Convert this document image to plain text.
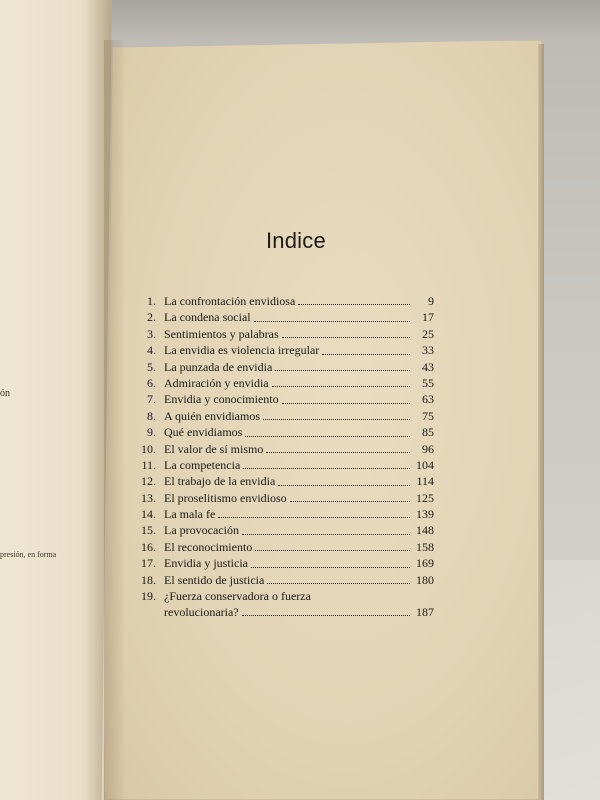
ón
presión, en forma
Indice
1. La confrontación envidiosa	9
2. La condena social	17
3. Sentimientos y palabras	25
4. La envidia es violencia irregular	33
5. La punzada de envidia	43
6. Admiración y envidia	55
7. Envidia y conocimiento	63
8. A quién envidiamos	75
9. Qué envidiamos	85
10. El valor de sí mismo	96
11. La competencia	104
12. El trabajo de la envidia	114
13. El proselitismo envidioso	125
14. La mala fe	139
15. La provocación	148
16. El reconocimiento	158
17. Envidia y justicia	169
18. El sentido de justicia	180
19. ¿Fuerza conservadora o fuerza
revolucionaria?	187
